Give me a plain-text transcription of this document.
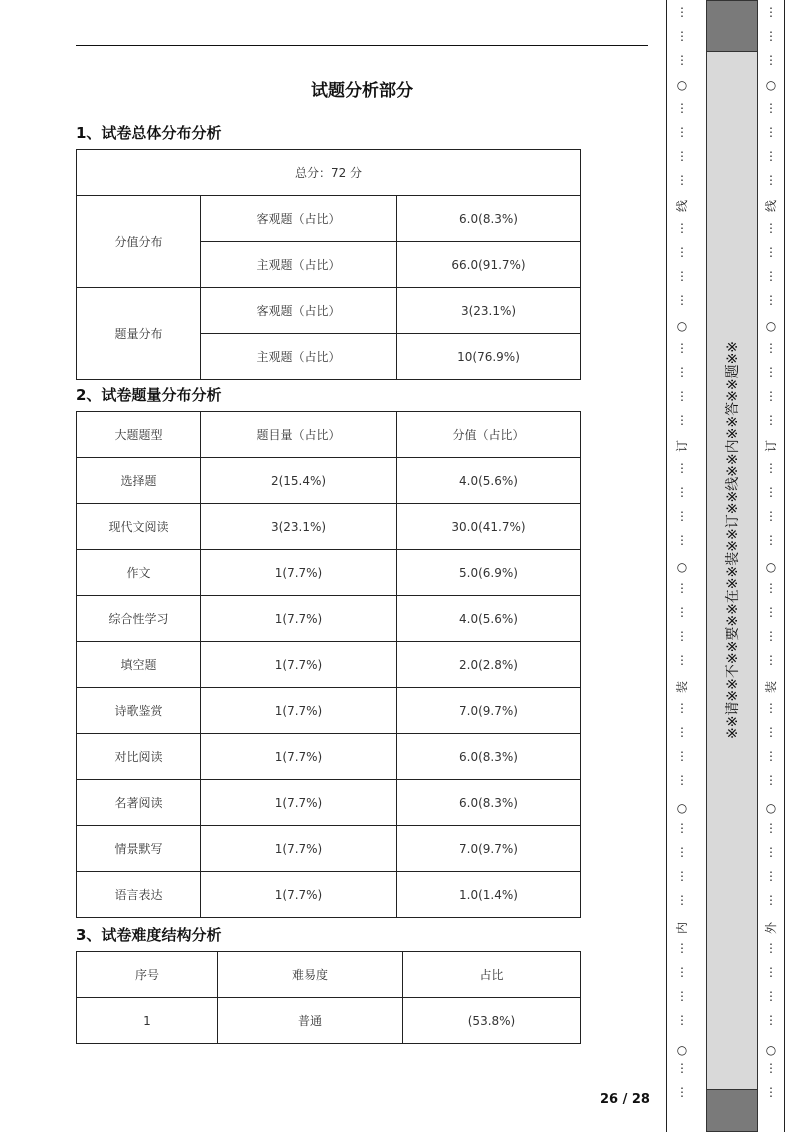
试题分析部分
1、试卷总体分布分析
总分：72 分		
分值分布	客观题（占比）	6.0(8.3%)
	主观题（占比）	66.0(91.7%)
题量分布	客观题（占比）	3(23.1%)
	主观题（占比）	10(76.9%)
2、试卷题量分布分析
大题题型	题目量（占比）	分值（占比）
选择题	2(15.4%)	4.0(5.6%)
现代文阅读	3(23.1%)	30.0(41.7%)
作文	1(7.7%)	5.0(6.9%)
综合性学习	1(7.7%)	4.0(5.6%)
填空题	1(7.7%)	2.0(2.8%)
诗歌鉴赏	1(7.7%)	7.0(9.7%)
对比阅读	1(7.7%)	6.0(8.3%)
名著阅读	1(7.7%)	6.0(8.3%)
情景默写	1(7.7%)	7.0(9.7%)
语言表达	1(7.7%)	1.0(1.4%)
3、试卷难度结构分析
序号	难易度	占比
1	普通	(53.8%)
26 / 28
⋮
⋮
⋮
⋮
⋮
⋮
⋮
⋮
⋮
⋮
⋮
⋮
⋮
⋮
⋮
⋮
⋮
⋮
⋮
⋮
⋮
⋮
⋮
⋮
⋮
⋮
⋮
⋮
⋮
⋮
⋮
⋮
⋮
⋮
⋮
⋮
⋮
○
○
○
○
○
线
订
装
内
※※请※※不※※要※※在※※装※※订※※线※※内※※答※※题※※
⋮
⋮
⋮
⋮
⋮
⋮
⋮
⋮
⋮
⋮
⋮
⋮
⋮
⋮
⋮
⋮
⋮
⋮
⋮
⋮
⋮
⋮
⋮
⋮
⋮
⋮
⋮
⋮
⋮
⋮
⋮
⋮
⋮
⋮
⋮
⋮
⋮
○
○
○
○
○
线
订
装
外
